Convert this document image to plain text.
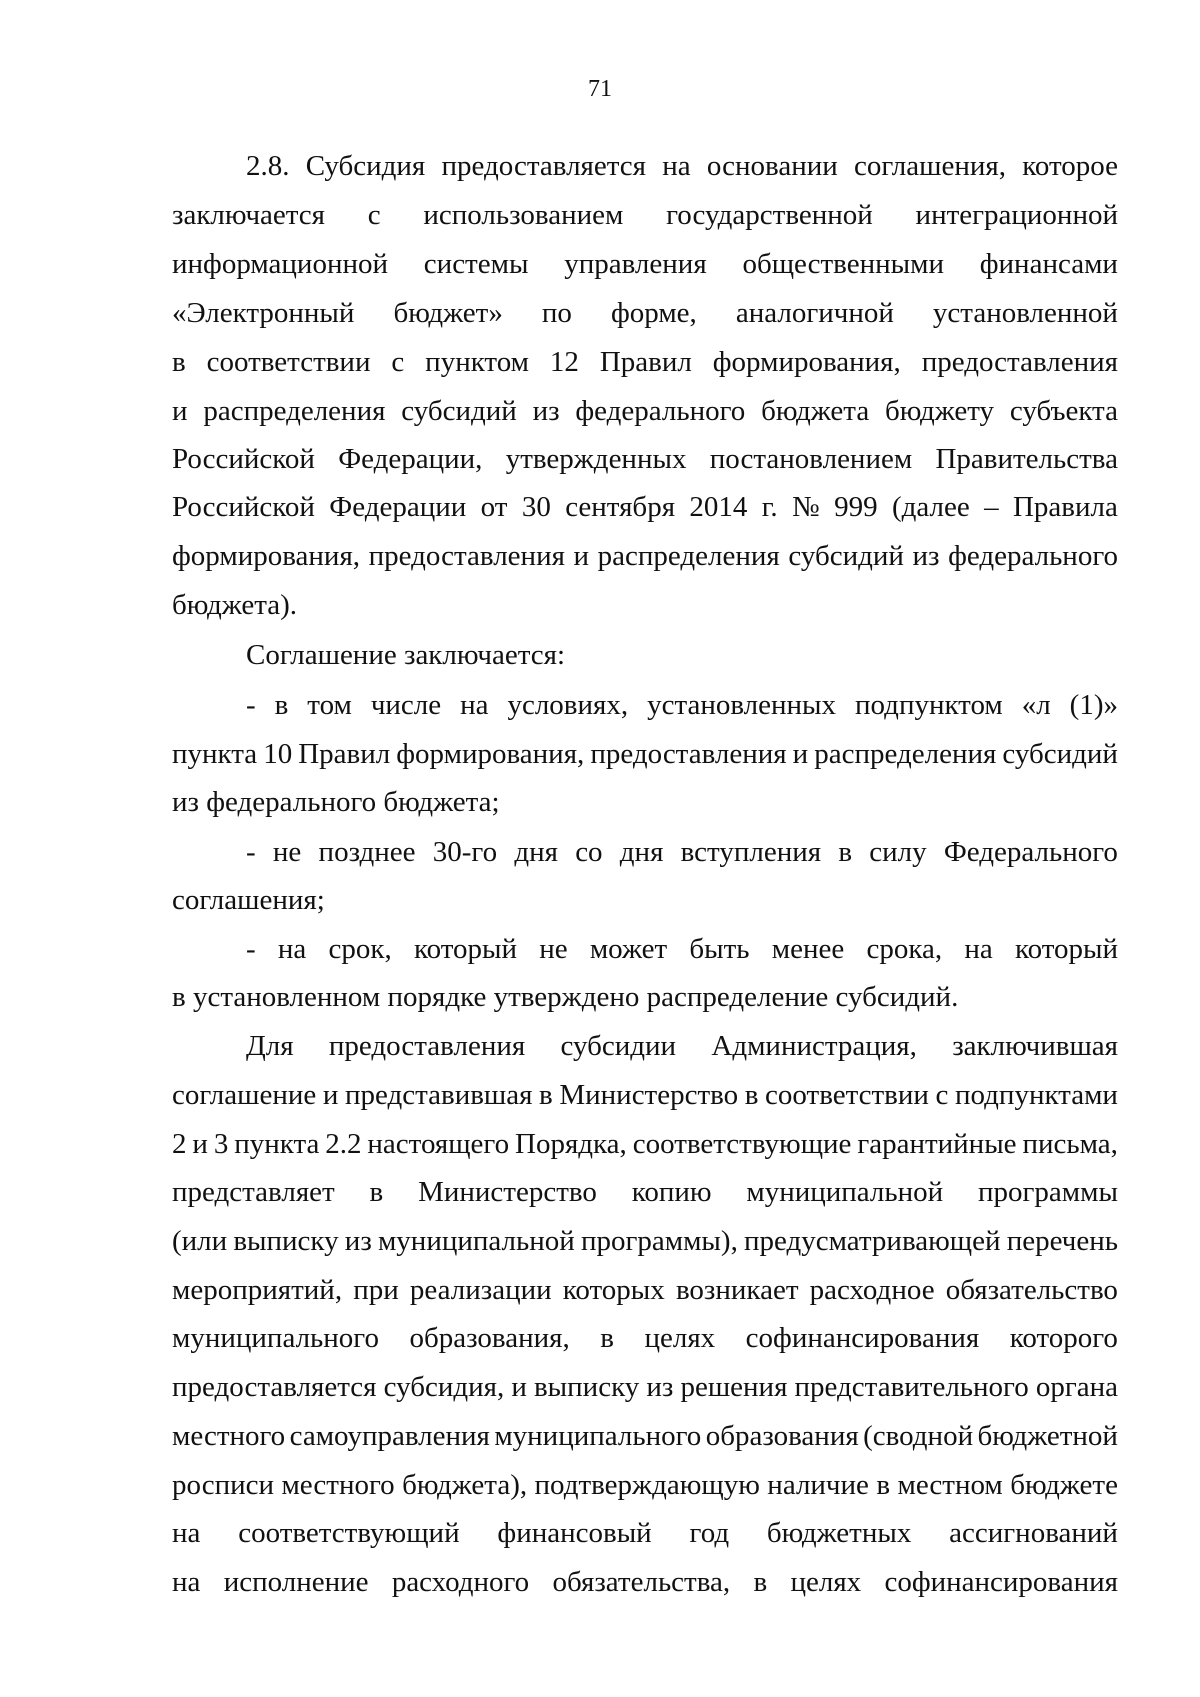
71
2.8. Субсидия предоставляется на основании соглашения, которое
заключается с использованием государственной интеграционной
информационной системы управления общественными финансами
«Электронный бюджет» по форме, аналогичной установленной
в соответствии с пунктом 12 Правил формирования, предоставления
и распределения субсидий из федерального бюджета бюджету субъекта
Российской Федерации, утвержденных постановлением Правительства
Российской Федерации от 30 сентября 2014 г. № 999 (далее – Правила
формирования, предоставления и распределения субсидий из федерального
бюджета).
Соглашение заключается:
- в том числе на условиях, установленных подпунктом «л (1)»
пункта 10 Правил формирования, предоставления и распределения субсидий
из федерального бюджета;
- не позднее 30-го дня со дня вступления в силу Федерального
соглашения;
- на срок, который не может быть менее срока, на который
в установленном порядке утверждено распределение субсидий.
Для предоставления субсидии Администрация, заключившая
соглашение и представившая в Министерство в соответствии с подпунктами
2 и 3 пункта 2.2 настоящего Порядка, соответствующие гарантийные письма,
представляет в Министерство копию муниципальной программы
(или выписку из муниципальной программы), предусматривающей перечень
мероприятий, при реализации которых возникает расходное обязательство
муниципального образования, в целях софинансирования которого
предоставляется субсидия, и выписку из решения представительного органа
местного самоуправления муниципального образования (сводной бюджетной
росписи местного бюджета), подтверждающую наличие в местном бюджете
на соответствующий финансовый год бюджетных ассигнований
на исполнение расходного обязательства, в целях софинансирования
